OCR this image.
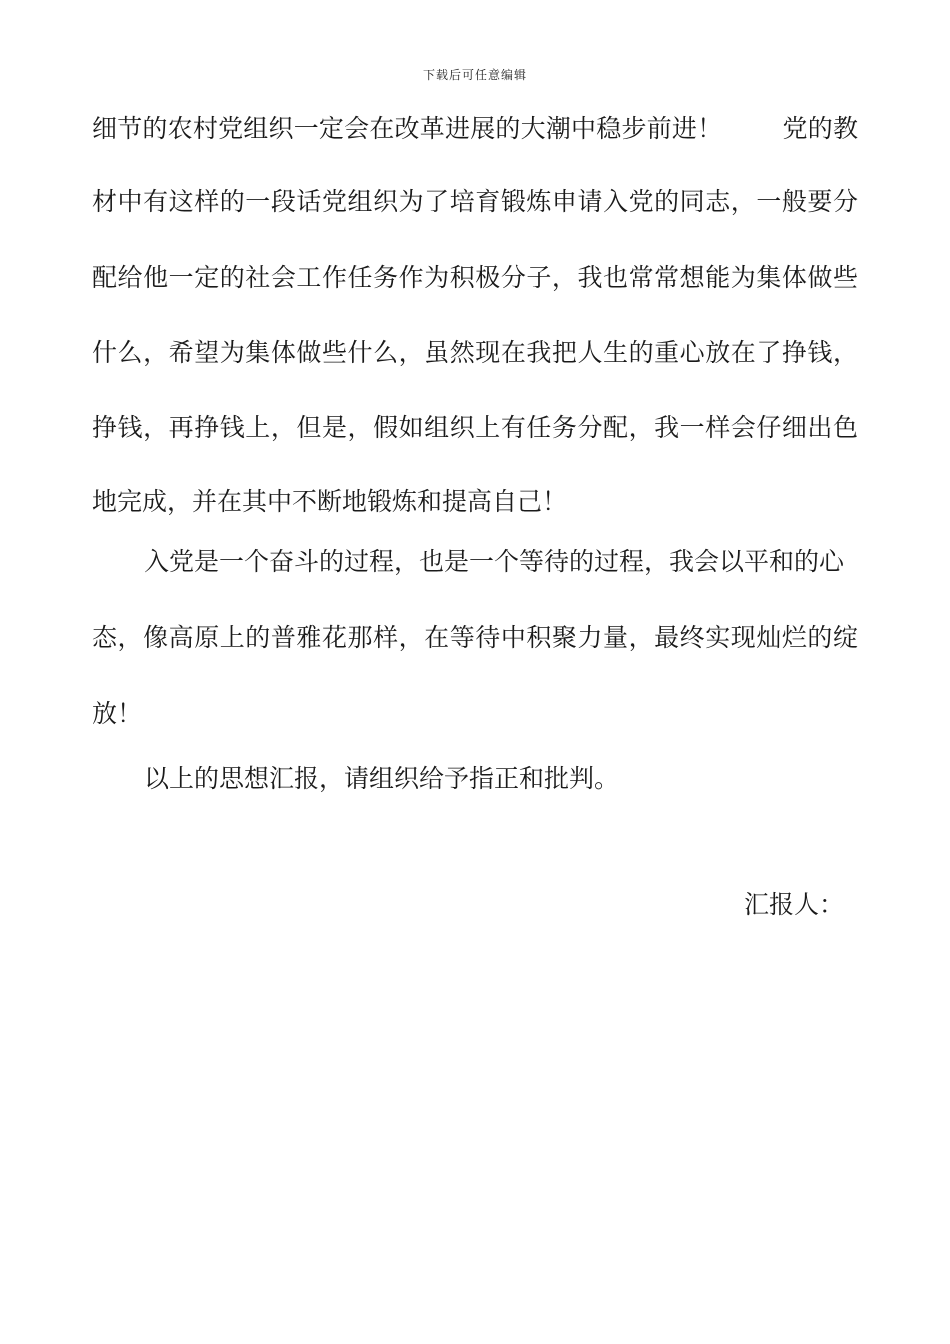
下载后可任意编辑
细节的农村党组织一定会在改革进展的大潮中稳步前进！ 党的教
材中有这样的一段话党组织为了培育锻炼申请入党的同志，一般要分
配给他一定的社会工作任务作为积极分子，我也常常想能为集体做些
什么，希望为集体做些什么，虽然现在我把人生的重心放在了挣钱，
挣钱，再挣钱上，但是，假如组织上有任务分配，我一样会仔细出色
地完成，并在其中不断地锻炼和提高自己！
入党是一个奋斗的过程，也是一个等待的过程，我会以平和的心
态，像高原上的普雅花那样，在等待中积聚力量，最终实现灿烂的绽
放！
以上的思想汇报，请组织给予指正和批判。
汇报人：
